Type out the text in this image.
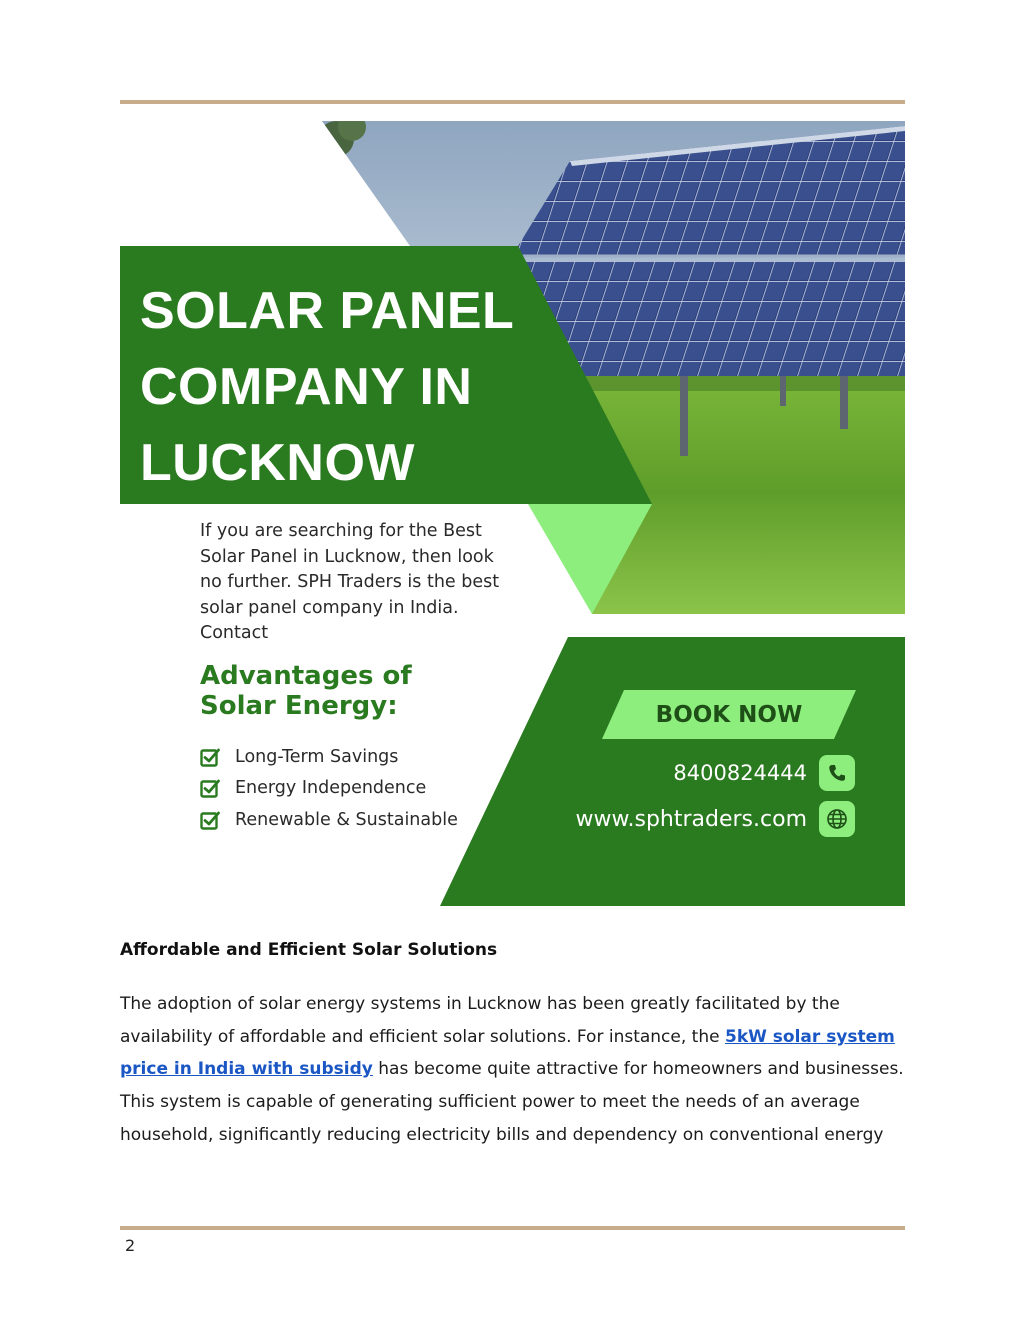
SOLAR PANEL
COMPANY IN
LUCKNOW
If you are searching for the Best Solar Panel in Lucknow, then look no further. SPH Traders is the best solar panel company in India. Contact
Advantages of Solar Energy:
Long-Term Savings
Energy Independence
Renewable & Sustainable
BOOK NOW
8400824444
www.sphtraders.com
Affordable and Efficient Solar Solutions

The adoption of solar energy systems in Lucknow has been greatly facilitated by the availability of affordable and efficient solar solutions. For instance, the 5kW solar system price in India with subsidy has become quite attractive for homeowners and businesses. This system is capable of generating sufficient power to meet the needs of an average household, significantly reducing electricity bills and dependency on conventional energy

2
